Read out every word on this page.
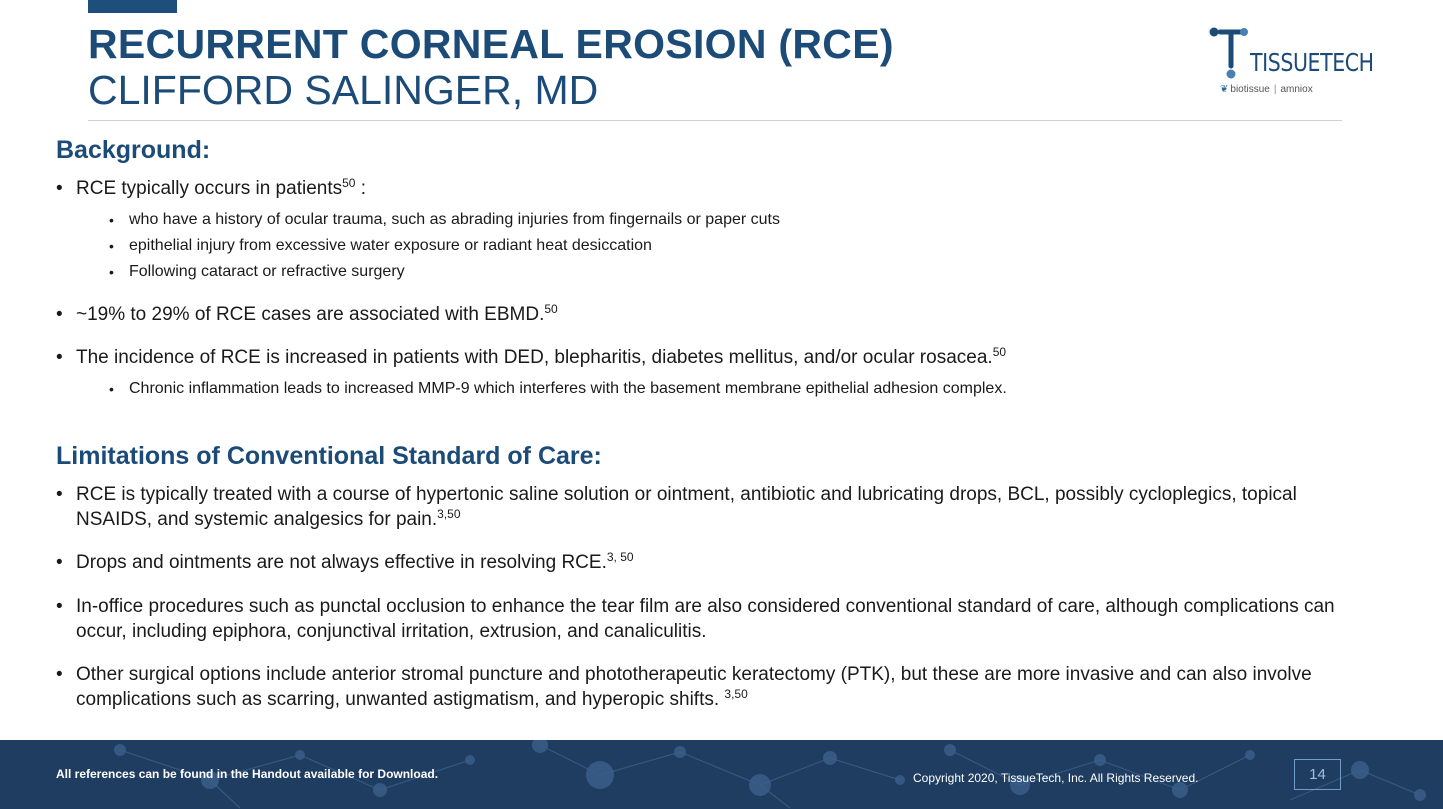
RECURRENT CORNEAL EROSION (RCE)
CLIFFORD SALINGER, MD
TISSUETECH
❦ biotissue | amniox
Background:
• RCE typically occurs in patients$^{50}$ :
• who have a history of ocular trauma, such as abrading injuries from fingernails or paper cuts
• epithelial injury from excessive water exposure or radiant heat desiccation
• Following cataract or refractive surgery
• ~19% to 29% of RCE cases are associated with EBMD.$^{50}$
• The incidence of RCE is increased in patients with DED, blepharitis, diabetes mellitus, and/or ocular rosacea.$^{50}$
• Chronic inflammation leads to increased MMP-9 which interferes with the basement membrane epithelial adhesion complex.
Limitations of Conventional Standard of Care:
• RCE is typically treated with a course of hypertonic saline solution or ointment, antibiotic and lubricating drops, BCL, possibly cycloplegics, topical NSAIDS, and systemic analgesics for pain.$^{3,50}$
• Drops and ointments are not always effective in resolving RCE.$^{3, 50}$
• In-office procedures such as punctal occlusion to enhance the tear film are also considered conventional standard of care, although complications can occur, including epiphora, conjunctival irritation, extrusion, and canaliculitis.
• Other surgical options include anterior stromal puncture and phototherapeutic keratectomy (PTK), but these are more invasive and can also involve complications such as scarring, unwanted astigmatism, and hyperopic shifts. $^{3,50}$
All references can be found in the Handout available for Download.	Copyright 2020, TissueTech, Inc. All Rights Reserved.	14
